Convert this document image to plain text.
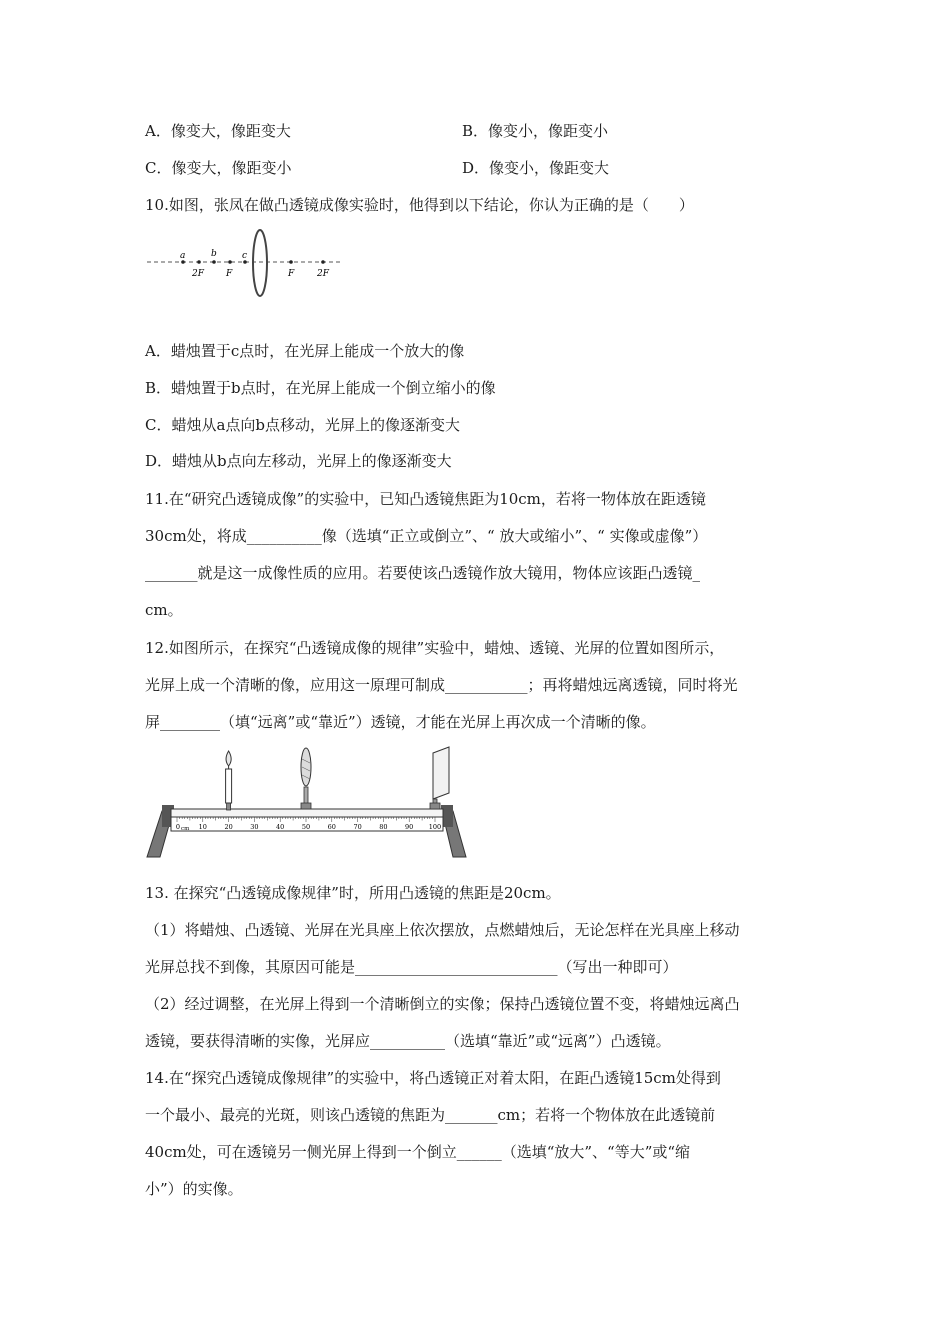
A．像变大，像距变大	B．像变小，像距变小
C．像变大，像距变小	D．像变小，像距变大
10.如图，张凤在做凸透镜成像实验时，他得到以下结论，你认为正确的是（　　）
a	b	c
2F F	F	2F
A．蜡烛置于c点时，在光屏上能成一个放大的像
B．蜡烛置于b点时，在光屏上能成一个倒立缩小的像
C．蜡烛从a点向b点移动，光屏上的像逐渐变大
D．蜡烛从b点向左移动，光屏上的像逐渐变大
11.在“研究凸透镜成像”的实验中，已知凸透镜焦距为10cm，若将一物体放在距透镜
30cm处，将成__________像（选填“正立或倒立”、“ 放大或缩小”、“ 实像或虚像”）
_______就是这一成像性质的应用。若要使该凸透镜作放大镜用，物体应该距凸透镜_
cm。
12.如图所示，在探究“凸透镜成像的规律”实验中，蜡烛、透镜、光屏的位置如图所示，
光屏上成一个清晰的像，应用这一原理可制成___________；再将蜡烛远离透镜，同时将光
屏________（填“远离”或“靠近”）透镜，才能在光屏上再次成一个清晰的像。
0	10	20	30	40	50	60	70	80	90 100
cm
13. 在探究“凸透镜成像规律”时，所用凸透镜的焦距是20cm。
（1）将蜡烛、凸透镜、光屏在光具座上依次摆放，点燃蜡烛后，无论怎样在光具座上移动
光屏总找不到像，其原因可能是___________________________（写出一种即可）
（2）经过调整，在光屏上得到一个清晰倒立的实像；保持凸透镜位置不变，将蜡烛远离凸
透镜，要获得清晰的实像，光屏应__________（选填“靠近”或“远离”）凸透镜。
14.在“探究凸透镜成像规律”的实验中，将凸透镜正对着太阳，在距凸透镜15cm处得到
一个最小、最亮的光斑，则该凸透镜的焦距为_______cm；若将一个物体放在此透镜前
40cm处，可在透镜另一侧光屏上得到一个倒立______（选填“放大”、“等大”或“缩
小”）的实像。
